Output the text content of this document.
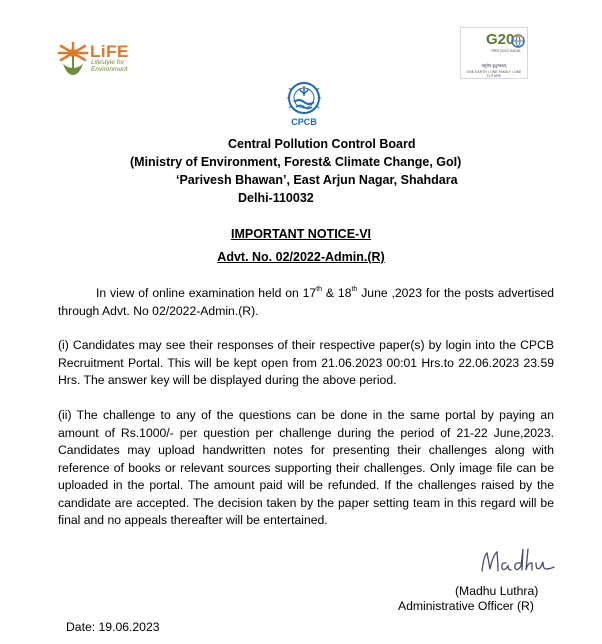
LiFE
Lifestyle for Environment
G20
भारत 2023 INDIA
वसुधैव कुटुम्बकम्
ONE EARTH • ONE FAMILY • ONE FUTURE
CPCB
Central Pollution Control Board
(Ministry of Environment, Forest& Climate Change, GoI)
‘Parivesh Bhawan’, East Arjun Nagar, Shahdara
Delhi-110032
IMPORTANT NOTICE-VI
Advt. No. 02/2022-Admin.(R)
In view of online examination held on 17th & 18th June ,2023 for the posts advertised through Advt. No 02/2022-Admin.(R).
(i) Candidates may see their responses of their respective paper(s) by login into the CPCB Recruitment Portal. This will be kept open from 21.06.2023 00:01 Hrs.to 22.06.2023 23.59 Hrs. The answer key will be displayed during the above period.
(ii) The challenge to any of the questions can be done in the same portal by paying an amount of Rs.1000/- per question per challenge during the period of 21-22 June,2023. Candidates may upload handwritten notes for presenting their challenges along with reference of books or relevant sources supporting their challenges. Only image file can be uploaded in the portal. The amount paid will be refunded. If the challenges raised by the candidate are accepted. The decision taken by the paper setting team in this regard will be final and no appeals thereafter will be entertained.
(Madhu Luthra)
Administrative Officer (R)
Date: 19.06.2023
